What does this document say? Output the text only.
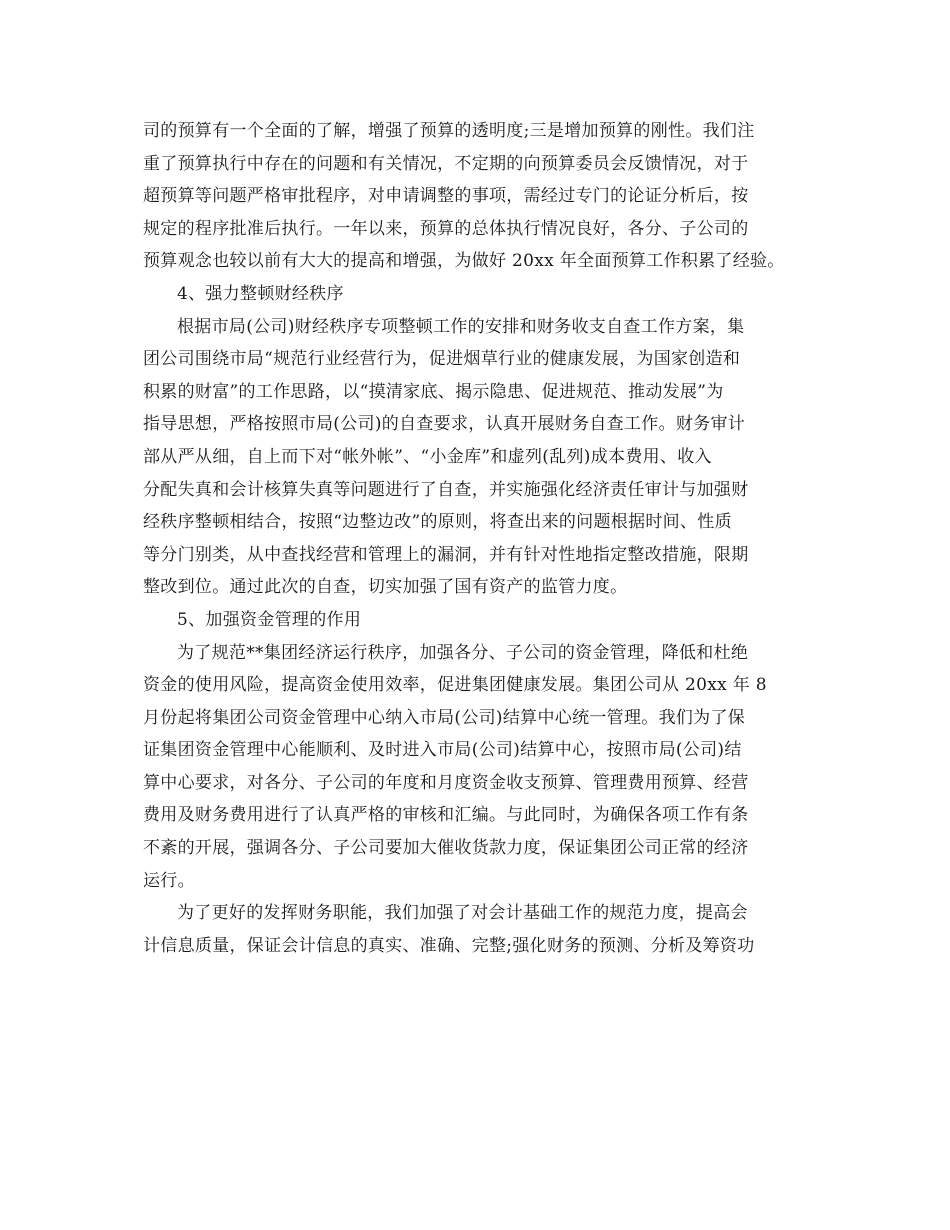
司的预算有一个全面的了解，增强了预算的透明度;三是增加预算的刚性。我们注
重了预算执行中存在的问题和有关情况，不定期的向预算委员会反馈情况，对于
超预算等问题严格审批程序，对申请调整的事项，需经过专门的论证分析后，按
规定的程序批准后执行。一年以来，预算的总体执行情况良好，各分、子公司的
预算观念也较以前有大大的提高和增强，为做好 20xx 年全面预算工作积累了经验。
4、强力整顿财经秩序
根据市局(公司)财经秩序专项整顿工作的安排和财务收支自查工作方案，集
团公司围绕市局“规范行业经营行为，促进烟草行业的健康发展，为国家创造和
积累的财富”的工作思路，以“摸清家底、揭示隐患、促进规范、推动发展”为
指导思想，严格按照市局(公司)的自查要求，认真开展财务自查工作。财务审计
部从严从细，自上而下对“帐外帐”、“小金库”和虚列(乱列)成本费用、收入
分配失真和会计核算失真等问题进行了自查，并实施强化经济责任审计与加强财
经秩序整顿相结合，按照“边整边改”的原则，将查出来的问题根据时间、性质
等分门别类，从中查找经营和管理上的漏洞，并有针对性地指定整改措施，限期
整改到位。通过此次的自查，切实加强了国有资产的监管力度。
5、加强资金管理的作用
为了规范**集团经济运行秩序，加强各分、子公司的资金管理，降低和杜绝
资金的使用风险，提高资金使用效率，促进集团健康发展。集团公司从 20xx 年 8
月份起将集团公司资金管理中心纳入市局(公司)结算中心统一管理。我们为了保
证集团资金管理中心能顺利、及时进入市局(公司)结算中心，按照市局(公司)结
算中心要求，对各分、子公司的年度和月度资金收支预算、管理费用预算、经营
费用及财务费用进行了认真严格的审核和汇编。与此同时，为确保各项工作有条
不紊的开展，强调各分、子公司要加大催收货款力度，保证集团公司正常的经济
运行。
为了更好的发挥财务职能，我们加强了对会计基础工作的规范力度，提高会
计信息质量，保证会计信息的真实、准确、完整;强化财务的预测、分析及筹资功
